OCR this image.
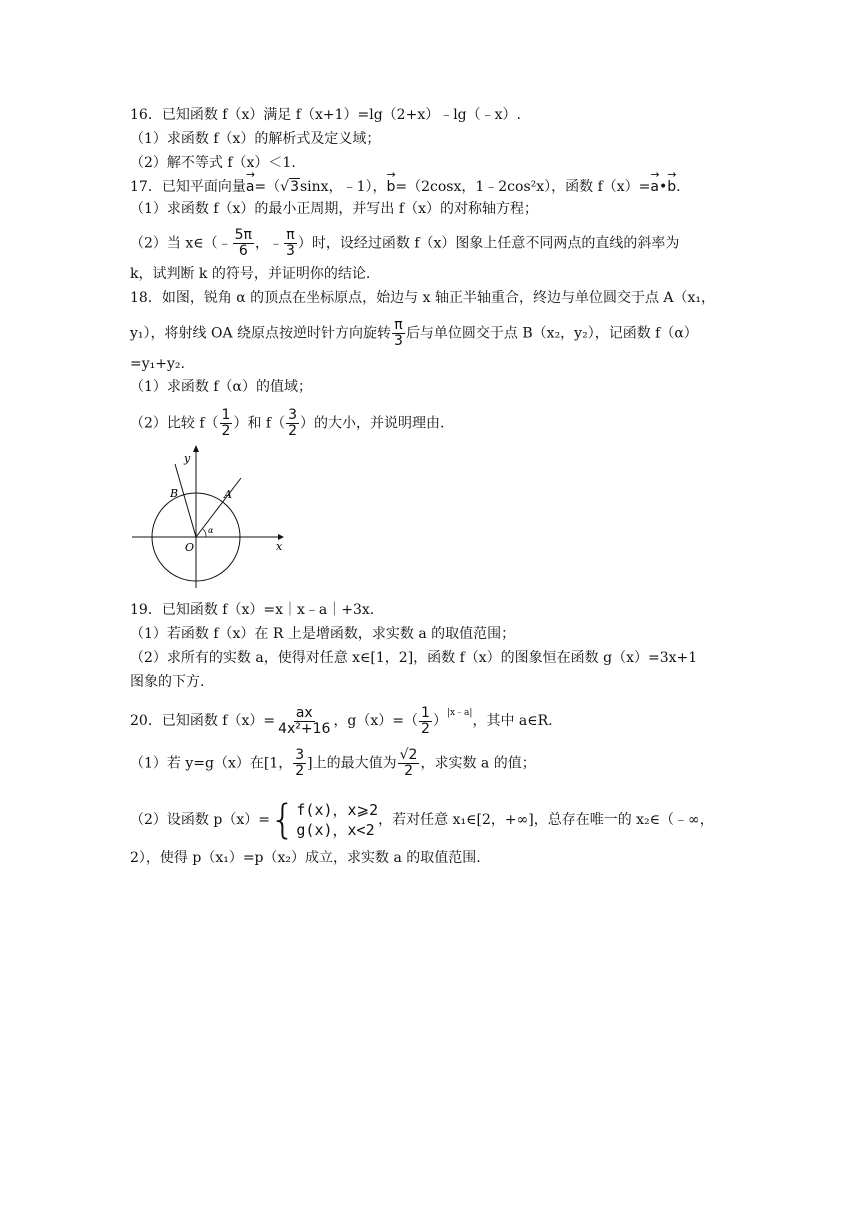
16．已知函数 f（x）满足 f（x+1）=lg（2+x）﹣lg（﹣x）.
（1）求函数 f（x）的解析式及定义域；
（2）解不等式 f（x）＜1.
17．已知平面向量→ a=（√3sinx，﹣1），→ b=（2cosx，1﹣2cos²x），函数 f（x）=→ a•→ b.
（1）求函数 f（x）的最小正周期，并写出 f（x）的对称轴方程；
（2）当 x∈（﹣ $\frac{5\pi}{6}$ ，﹣ $\frac{\pi}{3}$ ）时，设经过函数 f（x）图象上任意不同两点的直线的斜率为
k，试判断 k 的符号，并证明你的结论.
18．如图，锐角 α 的顶点在坐标原点，始边与 x 轴正半轴重合，终边与单位圆交于点 A（x₁，
y₁），将射线 OA 绕原点按逆时针方向旋转 $\frac{\pi}{3}$ 后与单位圆交于点 B（x₂，y₂），记函数 f（α）
=y₁+y₂.
（1）求函数 f（α）的值域；
（2）比较 $f( \frac{1}{2}$ ）和 $f( \frac{3}{2}$ ）的大小，并说明理由.
y
x
O
A
B
α
19．已知函数 f（x）=x｜x﹣a｜+3x.
（1）若函数 f（x）在 R 上是增函数，求实数 a 的取值范围；
（2）求所有的实数 a，使得对任意 x∈[1，2]，函数 f（x）的图象恒在函数 g（x）=3x+1
图象的下方.
20．已知函数 $f(x)= \frac{ax}{\text{4x²+16}}$ ，$g(x)=( \frac{1}{2} )^{|x﹣a|}$，其中 a∈R.
（1）若 y=g（x）在[1， $\frac{3}{2}$ ]上的最大值为 $\frac{√2}{2}$ ，求实数 a 的值；
（2）设函数 p（x）={ f(x)，x⩾2
g(x)，x<2
，若对任意 x₁∈[2，+∞]，总存在唯一的 x₂∈（﹣∞，
2），使得 p（x₁）=p（x₂）成立，求实数 a 的取值范围.
